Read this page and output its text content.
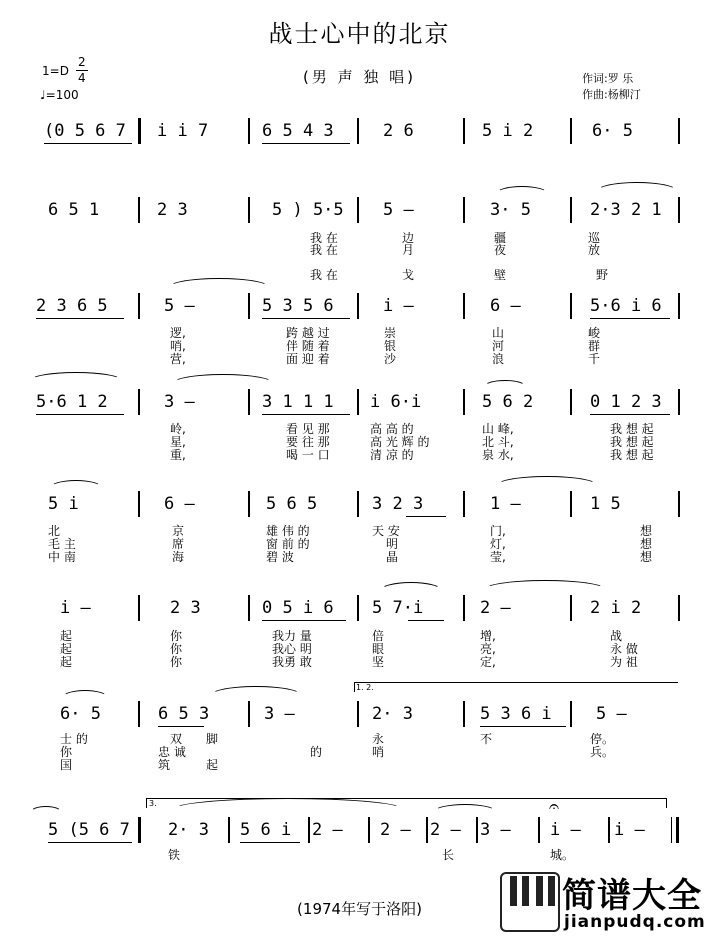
战士心中的北京
(男 声 独 唱)
1=D
2
4
♩=100
作词:罗 乐
作曲:杨柳汀
(0 5 6 7 i i 7	6 5 4 3	2 6	5 i 2	6· 5
6 5 1	2 3	5 ) 5·5 5 –	3· 5	2·3 2 1
我 在	边	疆	巡
我 在	月	夜	放
我 在	戈	壁	野
2 3 6 5	5 –	5 3 5 6	i –	6 –	5·6 i 6
逻,	跨 越 过	崇	山	峻
哨,	伴 随 着	银	河	群
营,	面 迎 着	沙	浪	千
5·6 1 2	3 –	3 1 1 1 i 6·i	5 6 2	0 1 2 3
岭,	看 见 那	高 高 的	山 峰,	我 想 起
星,	要 往 那	高 光 辉 的	北 斗,	我 想 起
重,	喝 一 口	清 凉 的	泉 水,	我 想 起
5 i	6 –	5 6 5	3 2 3	1 –	1 5
北	京	雄 伟 的	天 安	门,	想
毛 主	席	窗 前 的	明	灯,	想
中 南	海	碧 波	晶	莹,	想
i –	2 3	0 5 i 6 5 7·i	2 –	2 i 2
起	你	我力 量	倍	增,	战
起	你	我心 明	眼	亮,	永 做
起	你	我勇 敢	坚	定,	为 祖
1. 2.
6· 5	6 5 3	3 –	2· 3	5 3 6 i	5 –
士 的	双 脚	永	不	停。
你	忠 诚	的	哨	兵。
国	筑	起
3.
5 (5 6 7 2· 3 5 6 i 2 – 2 – 2 – 3 – i – i –
𝄐
铁	长	城。
(1974年写于洛阳)	简谱大全
jianpudq.com
